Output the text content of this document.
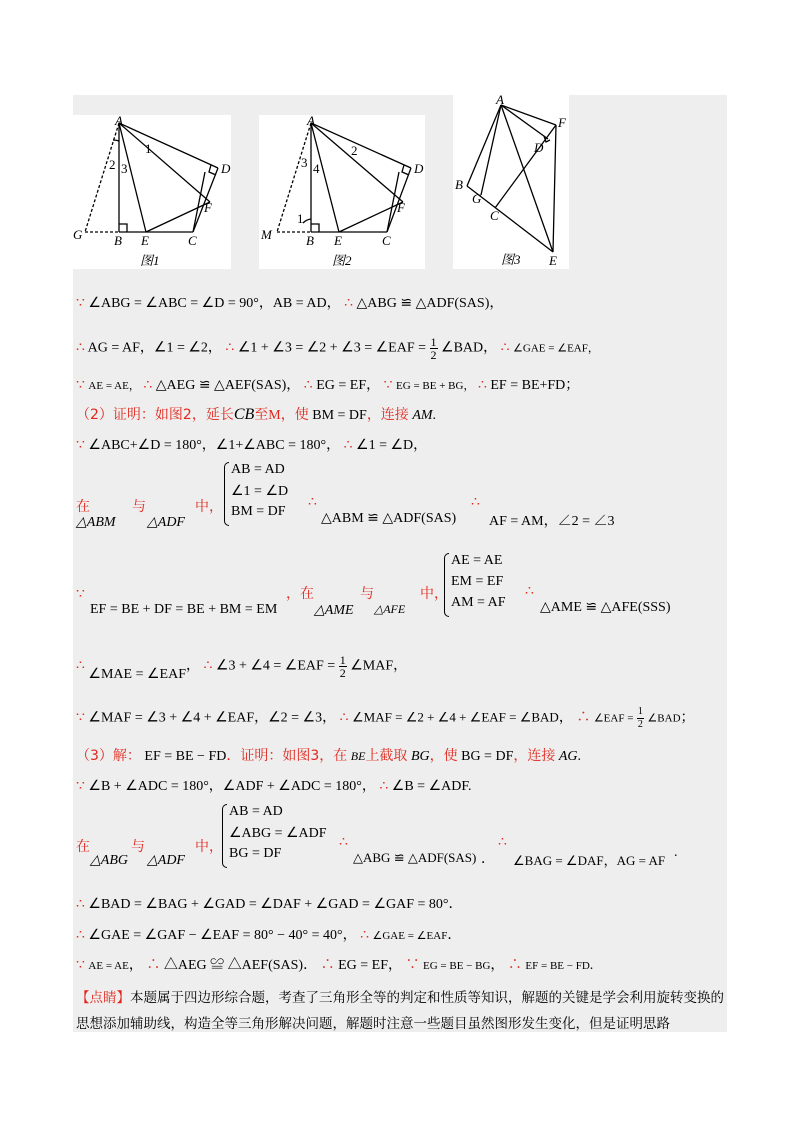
A
B	C
D
E
F
G
1
2 3
图1
A
B	C
D
E
F
M
1
2
3 4
图2
A
B
C
D
E
F
G
图3
∵ ∠ABG = ∠ABC = ∠D = 90°，AB = AD， ∴ △ABG ≌ △ADF(SAS)，
∴ AG = AF，∠1 = ∠2， ∴ ∠1 + ∠3 = ∠2 + ∠3 = ∠EAF = $\frac{1}{2}$ ∠BAD， ∴ ∠GAE = ∠EAF，
∵ AE = AE， ∴ △AEG ≌ △AEF(SAS)， ∴ EG = EF， ∵ EG = BE + BG， ∴ EF = BE+FD；
（2）证明：如图2，延长CB至M，使 BM = DF，连接 AM.
∵ ∠ABC+∠D = 180°，∠1+∠ABC = 180°， ∴ ∠1 = ∠D，
在
△ABM
与
△ADF
中，
AB = AD
∠1 = ∠D
BM = DF
∴
△ABM ≌ △ADF(SAS)
∴
AF = AM，∠2 = ∠3
∵
EF = BE + DF = BE + BM = EM
，在
△AME
与
△AFE
中，
AE = AE
EM = EF
AM = AF
∴
△AME ≌ △AFE(SSS)
∴ ∠MAE = ∠EAF， ∴ ∠3 + ∠4 = ∠EAF = $\frac{1}{2}$ ∠MAF，
∵ ∠MAF = ∠3 + ∠4 + ∠EAF，∠2 = ∠3， ∴ ∠MAF = ∠2 + ∠4 + ∠EAF = ∠BAD， ∴ ∠EAF = $\frac{1}{2}$ ∠BAD；
（3）解： EF = BE − FD．证明：如图3，在 BE上截取 BG，使 BG = DF，连接 AG.
∵ ∠B + ∠ADC = 180°，∠ADF + ∠ADC = 180°， ∴ ∠B = ∠ADF.
在
△ABG
与
△ADF
中，
AB = AD
∠ABG = ∠ADF
BG = DF
∴
△ABG ≌ △ADF(SAS) ．
∴
∠BAG = ∠DAF，AG = AF
.
∴ ∠BAD = ∠BAG + ∠GAD = ∠DAF + ∠GAD = ∠GAF = 80°．
∴ ∠GAE = ∠GAF − ∠EAF = 80° − 40° = 40°， ∴ ∠GAE = ∠EAF．
∵ AE = AE， ∴ △AEG ≌ △AEF(SAS)． ∴ EG = EF， ∵ EG = BE − BG， ∴ EF = BE − FD.
【点睛】本题属于四边形综合题，考查了三角形全等的判定和性质等知识，解题的关键是学会利用旋转变换的思想添加辅助线，构造全等三角形解决问题，解题时注意一些题目虽然图形发生变化，但是证明思路
